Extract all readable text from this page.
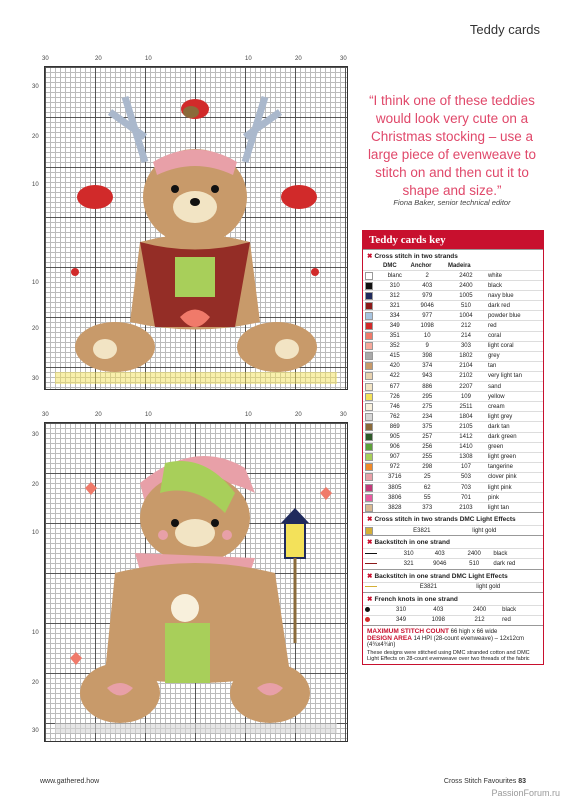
Teddy cards
30	20	10	10	20	30
30
20
10
10
20
30
30	20	10	10	20	30
30
20
10
10
20
30
“I think one of these teddies would look very cute on a Christmas stocking – use a large piece of evenweave to stitch on and then cut it to shape and size.”
Fiona Baker, senior technical editor
Teddy cards key
✖ Cross stitch in two strands
	DMC	Anchor	Madeira	
	blanc	2	2402	white
	310	403	2400	black
	312	979	1005	navy blue
	321	9046	510	dark red
	334	977	1004	powder blue
	349	1098	212	red
	351	10	214	coral
	352	9	303	light coral
	415	398	1802	grey
	420	374	2104	tan
	422	943	2102	very light tan
	677	886	2207	sand
	726	295	109	yellow
	746	275	2511	cream
	762	234	1804	light grey
	869	375	2105	dark tan
	905	257	1412	dark green
	906	256	1410	green
	907	255	1308	light green
	972	298	107	tangerine
	3716	25	503	clover pink
	3805	62	703	light pink
	3806	55	701	pink
	3828	373	2103	light tan
✖ Cross stitch in two strands DMC Light Effects
	E3821			light gold
✖ Backstitch in one strand
	310	403	2400	black
	321	9046	510	dark red
✖ Backstitch in one strand DMC Light Effects
	E3821			light gold
✖ French knots in one strand
	310	403	2400	black
	349	1098	212	red
MAXIMUM STITCH COUNT 66 high x 66 wide
DESIGN AREA 14 HPI (28-count evenweave) – 12x12cm (4¾x4¾in)
These designs were stitched using DMC stranded cotton and DMC Light Effects on 28-count evenweave over two threads of the fabric
www.gathered.how	Cross Stitch Favourites 83
PassionForum.ru
